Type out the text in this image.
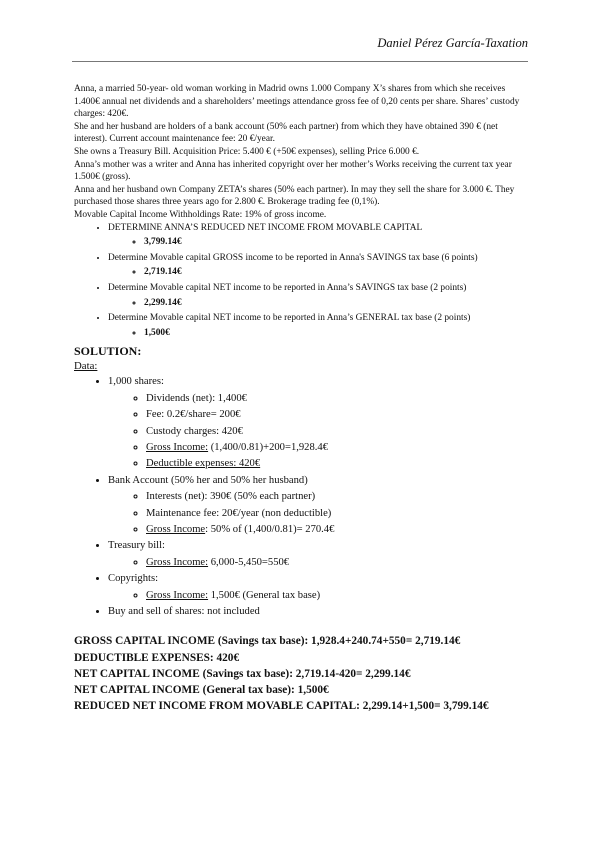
Daniel Pérez García-Taxation

Anna, a married 50-year- old woman working in Madrid owns 1.000 Company X’s shares from which she receives 1.400€ annual net dividends and a shareholders’ meetings attendance gross fee of 0,20 cents per share. Shares’ custody charges: 420€.

She and her husband are holders of a bank account (50% each partner) from which they have obtained 390 € (net interest). Current account maintenance fee: 20 €/year.

She owns a Treasury Bill. Acquisition Price: 5.400 € (+50€ expenses), selling Price 6.000 €.

Anna’s mother was a writer and Anna has inherited copyright over her mother’s Works receiving the current tax year 1.500€ (gross).

Anna and her husband own Company ZETA’s shares (50% each partner). In may they sell the share for 3.000 €. They purchased those shares three years ago for 2.800 €. Brokerage trading fee (0,1%).

Movable Capital Income Withholdings Rate: 19% of gross income.

• DETERMINE ANNA’S REDUCED NET INCOME FROM MOVABLE CAPITAL
◦ 3,799.14€
• Determine Movable capital GROSS income to be reported in Anna's SAVINGS tax base (6 points)
◦ 2,719.14€
• Determine Movable capital NET income to be reported in Anna’s SAVINGS tax base (2 points)
◦ 2,299.14€
• Determine Movable capital NET income to be reported in Anna’s GENERAL tax base (2 points)
◦ 1,500€
SOLUTION:
Data:
• 1,000 shares:
◦ Dividends (net): 1,400€
◦ Fee: 0.2€/share= 200€
◦ Custody charges: 420€
◦ Gross Income: (1,400/0.81)+200=1,928.4€
◦ Deductible expenses: 420€
• Bank Account (50% her and 50% her husband)
◦ Interests (net): 390€ (50% each partner)
◦ Maintenance fee: 20€/year (non deductible)
◦ Gross Income: 50% of (1,400/0.81)= 270.4€
• Treasury bill:
◦ Gross Income: 6,000-5,450=550€
• Copyrights:
◦ Gross Income: 1,500€ (General tax base)
• Buy and sell of shares: not included
GROSS CAPITAL INCOME (Savings tax base): 1,928.4+240.74+550= 2,719.14€
DEDUCTIBLE EXPENSES: 420€
NET CAPITAL INCOME (Savings tax base): 2,719.14-420= 2,299.14€
NET CAPITAL INCOME (General tax base): 1,500€
REDUCED NET INCOME FROM MOVABLE CAPITAL: 2,299.14+1,500= 3,799.14€
